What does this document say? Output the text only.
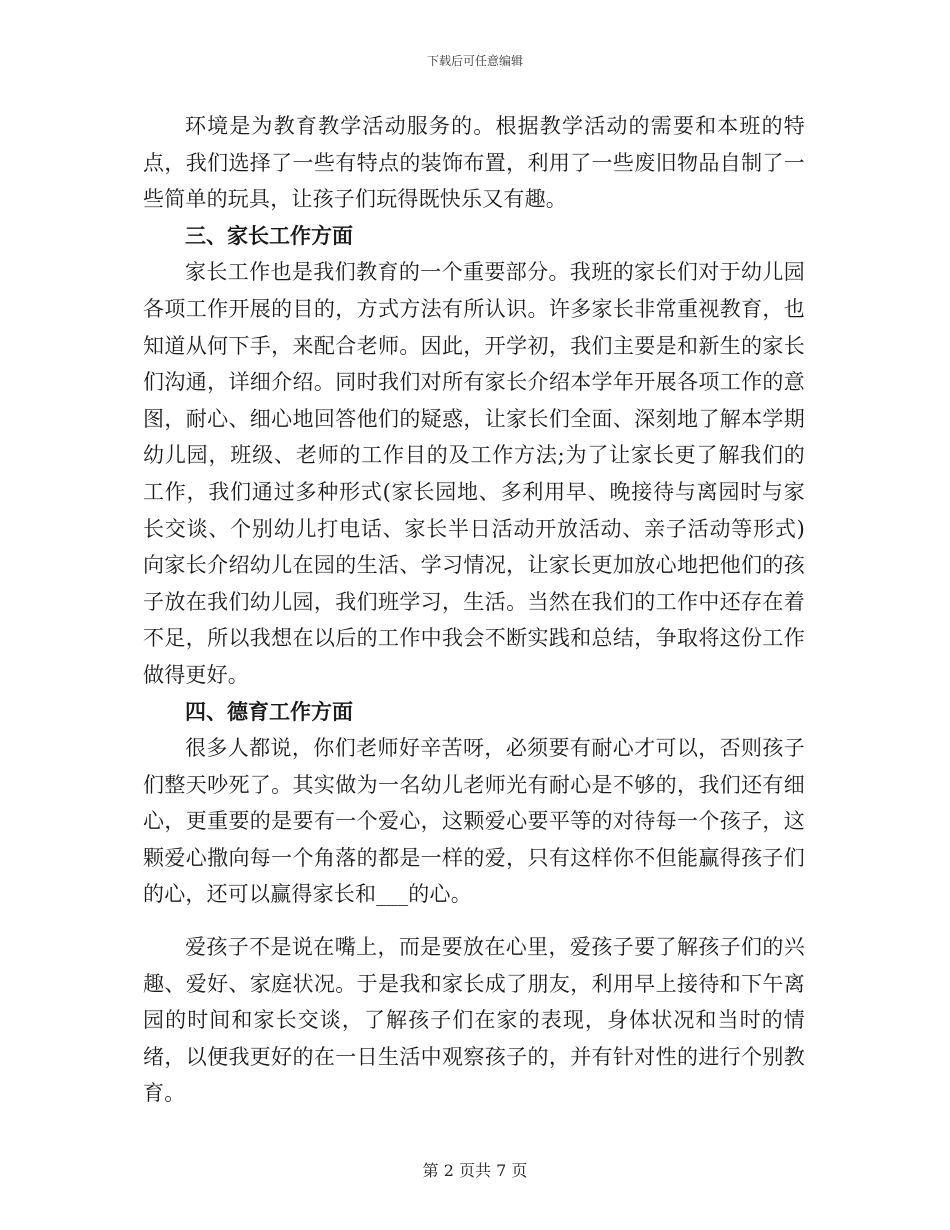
下载后可任意编辑

环境是为教育教学活动服务的。根据教学活动的需要和本班的特点，我们选择了一些有特点的装饰布置，利用了一些废旧物品自制了一些简单的玩具，让孩子们玩得既快乐又有趣。

三、家长工作方面

家长工作也是我们教育的一个重要部分。我班的家长们对于幼儿园各项工作开展的目的，方式方法有所认识。许多家长非常重视教育，也知道从何下手，来配合老师。因此，开学初，我们主要是和新生的家长们沟通，详细介绍。同时我们对所有家长介绍本学年开展各项工作的意图，耐心、细心地回答他们的疑惑，让家长们全面、深刻地了解本学期幼儿园，班级、老师的工作目的及工作方法;为了让家长更了解我们的工作，我们通过多种形式(家长园地、多利用早、晚接待与离园时与家长交谈、个别幼儿打电话、家长半日活动开放活动、亲子活动等形式)向家长介绍幼儿在园的生活、学习情况，让家长更加放心地把他们的孩子放在我们幼儿园，我们班学习，生活。当然在我们的工作中还存在着不足，所以我想在以后的工作中我会不断实践和总结，争取将这份工作做得更好。

四、德育工作方面

很多人都说，你们老师好辛苦呀，必须要有耐心才可以，否则孩子们整天吵死了。其实做为一名幼儿老师光有耐心是不够的，我们还有细心，更重要的是要有一个爱心，这颗爱心要平等的对待每一个孩子，这颗爱心撒向每一个角落的都是一样的爱，只有这样你不但能赢得孩子们的心，还可以赢得家长和___的心。

爱孩子不是说在嘴上，而是要放在心里，爱孩子要了解孩子们的兴趣、爱好、家庭状况。于是我和家长成了朋友，利用早上接待和下午离园的时间和家长交谈，了解孩子们在家的表现，身体状况和当时的情绪，以便我更好的在一日生活中观察孩子的，并有针对性的进行个别教育。

第 2 页共 7 页
